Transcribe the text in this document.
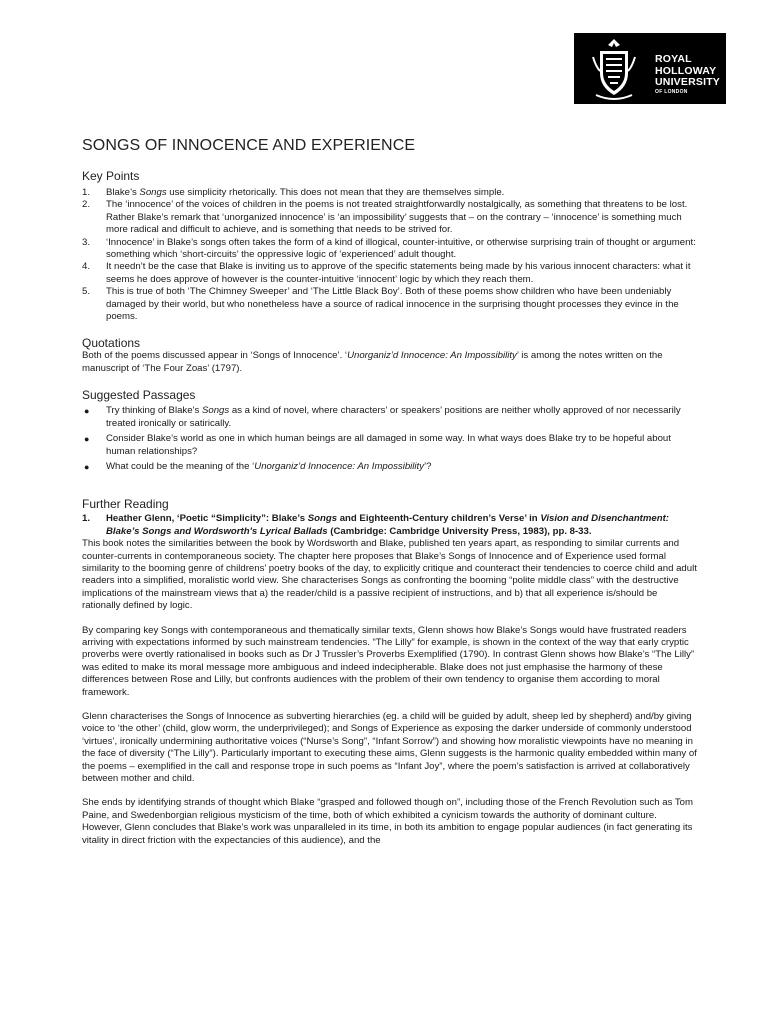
ROYAL
HOLLOWAY
UNIVERSITY
OF LONDON
SONGS OF INNOCENCE AND EXPERIENCE
Key Points
1. Blake’s Songs use simplicity rhetorically. This does not mean that they are themselves simple.
2. The ‘innocence’ of the voices of children in the poems is not treated straightforwardly nostalgically, as something that threatens to be lost. Rather Blake’s remark that ‘unorganized innocence’ is ‘an impossibility’ suggests that – on the contrary – ‘innocence’ is something much more radical and difficult to achieve, and is something that needs to be strived for.
3. ‘Innocence’ in Blake’s songs often takes the form of a kind of illogical, counter-intuitive, or otherwise surprising train of thought or argument: something which ‘short-circuits’ the oppressive logic of ‘experienced’ adult thought.
4. It needn’t be the case that Blake is inviting us to approve of the specific statements being made by his various innocent characters: what it seems he does approve of however is the counter-intuitive ‘innocent’ logic by which they reach them.
5. This is true of both ‘The Chimney Sweeper’ and ‘The Little Black Boy’. Both of these poems show children who have been undeniably damaged by their world, but who nonetheless have a source of radical innocence in the surprising thought processes they evince in the poems.
Quotations

Both of the poems discussed appear in ‘Songs of Innocence’. ‘Unorganiz’d Innocence: An Impossibility’ is among the notes written on the manuscript of ‘The Four Zoas’ (1797).

Suggested Passages
● Try thinking of Blake’s Songs as a kind of novel, where characters’ or speakers’ positions are neither wholly approved of nor necessarily treated ironically or satirically.
● Consider Blake’s world as one in which human beings are all damaged in some way. In what ways does Blake try to be hopeful about human relationships?
● What could be the meaning of the ‘Unorganiz’d Innocence: An Impossibility’?
Further Reading
1. Heather Glenn, ‘Poetic “Simplicity”: Blake’s Songs and Eighteenth-Century children’s Verse’ in Vision and Disenchantment: Blake’s Songs and Wordsworth's Lyrical Ballads (Cambridge: Cambridge University Press, 1983), pp. 8-33.

This book notes the similarities between the book by Wordsworth and Blake, published ten years apart, as responding to similar currents and counter-currents in contemporaneous society. The chapter here proposes that Blake’s Songs of Innocence and of Experience used formal similarity to the booming genre of childrens’ poetry books of the day, to explicitly critique and counteract their tendencies to coerce child and adult readers into a simplified, moralistic world view. She characterises Songs as confronting the booming “polite middle class” with the destructive implications of the mainstream views that a) the reader/child is a passive recipient of instructions, and b) that all experience is/should be rationally defined by logic.

By comparing key Songs with contemporaneous and thematically similar texts, Glenn shows how Blake’s Songs would have frustrated readers arriving with expectations informed by such mainstream tendencies. “The Lilly” for example, is shown in the context of the way that early cryptic proverbs were overtly rationalised in books such as Dr J Trussler’s Proverbs Exemplified (1790). In contrast Glenn shows how Blake’s “The Lilly” was edited to make its moral message more ambiguous and indeed indecipherable. Blake does not just emphasise the harmony of these differences between Rose and Lilly, but confronts audiences with the problem of their own tendency to organise them according to moral framework.

Glenn characterises the Songs of Innocence as subverting hierarchies (eg. a child will be guided by adult, sheep led by shepherd) and/by giving voice to ‘the other’ (child, glow worm, the underprivileged); and Songs of Experience as exposing the darker underside of commonly understood ‘virtues’, ironically undermining authoritative voices (“Nurse’s Song”, “Infant Sorrow”) and showing how moralistic viewpoints have no meaning in the face of diversity (“The Lilly”). Particularly important to executing these aims, Glenn suggests is the harmonic quality embedded within many of the poems – exemplified in the call and response trope in such poems as “Infant Joy”, where the poem’s satisfaction is arrived at collaboratively between mother and child.

She ends by identifying strands of thought which Blake “grasped and followed though on”, including those of the French Revolution such as Tom Paine, and Swedenborgian religious mysticism of the time, both of which exhibited a cynicism towards the authority of dominant culture. However, Glenn concludes that Blake’s work was unparalleled in its time, in both its ambition to engage popular audiences (in fact generating its vitality in direct friction with the expectancies of this audience), and the
